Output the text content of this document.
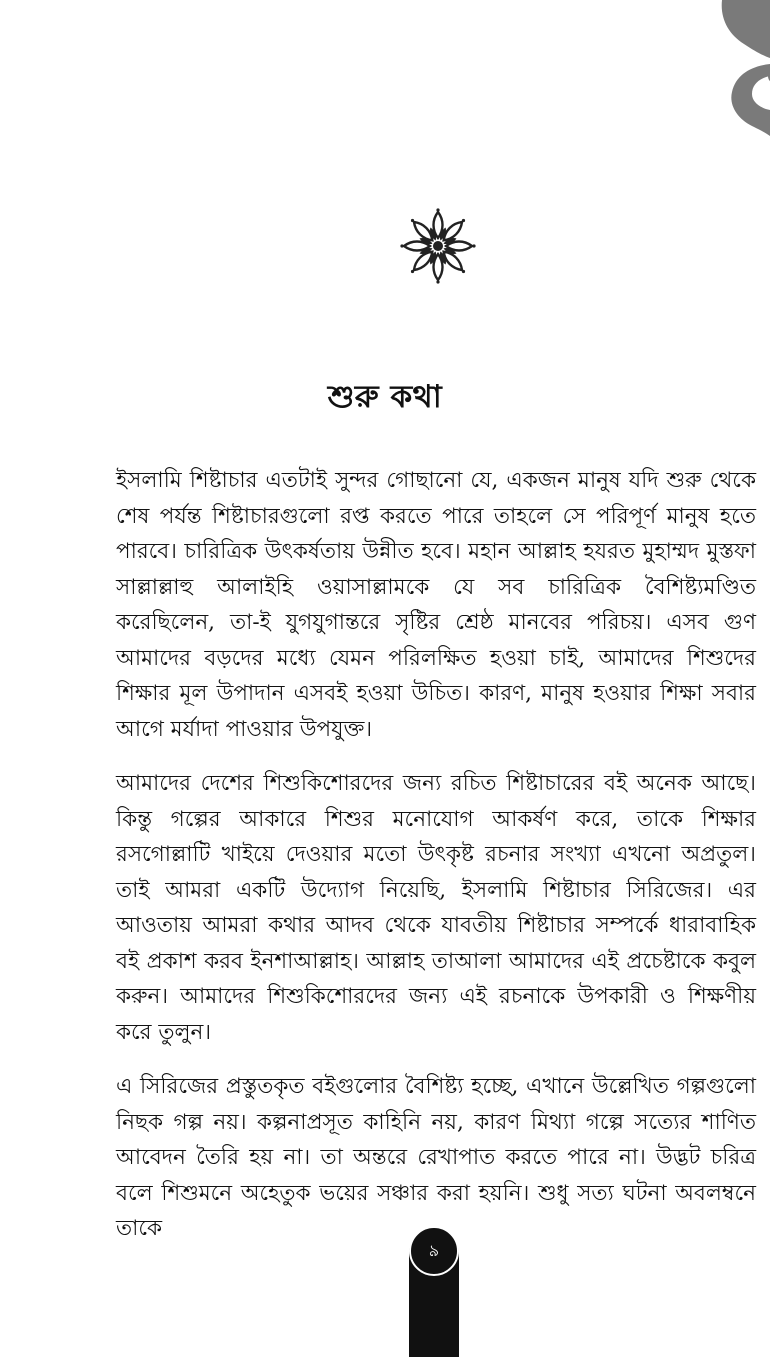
শুরু কথা

ইসলামি শিষ্টাচার এতটাই সুন্দর গোছানো যে, একজন মানুষ যদি শুরু থেকে শেষ পর্যন্ত শিষ্টাচারগুলো রপ্ত করতে পারে তাহলে সে পরিপূর্ণ মানুষ হতে পারবে। চারিত্রিক উৎকর্ষতায় উন্নীত হবে। মহান আল্লাহ হযরত মুহাম্মদ মুস্তফা সাল্লাল্লাহু আলাইহি ওয়াসাল্লামকে যে সব চারিত্রিক বৈশিষ্ট্যমণ্ডিত করেছিলেন, তা-ই যুগযুগান্তরে সৃষ্টির শ্রেষ্ঠ মানবের পরিচয়। এসব গুণ আমাদের বড়দের মধ্যে যেমন পরিলক্ষিত হওয়া চাই, আমাদের শিশুদের শিক্ষার মূল উপাদান এসবই হওয়া উচিত। কারণ, মানুষ হওয়ার শিক্ষা সবার আগে মর্যাদা পাওয়ার উপযুক্ত।

আমাদের দেশের শিশুকিশোরদের জন্য রচিত শিষ্টাচারের বই অনেক আছে। কিন্তু গল্পের আকারে শিশুর মনোযোগ আকর্ষণ করে, তাকে শিক্ষার রসগোল্লাটি খাইয়ে দেওয়ার মতো উৎকৃষ্ট রচনার সংখ্যা এখনো অপ্রতুল। তাই আমরা একটি উদ্যোগ নিয়েছি, ইসলামি শিষ্টাচার সিরিজের। এর আওতায় আমরা কথার আদব থেকে যাবতীয় শিষ্টাচার সম্পর্কে ধারাবাহিক বই প্রকাশ করব ইনশাআল্লাহ। আল্লাহ তাআলা আমাদের এই প্রচেষ্টাকে কবুল করুন। আমাদের শিশুকিশোরদের জন্য এই রচনাকে উপকারী ও শিক্ষণীয় করে তুলুন।

এ সিরিজের প্রস্তুতকৃত বইগুলোর বৈশিষ্ট্য হচ্ছে, এখানে উল্লেখিত গল্পগুলো নিছক গল্প নয়। কল্পনাপ্রসূত কাহিনি নয়, কারণ মিথ্যা গল্পে সত্যের শাণিত আবেদন তৈরি হয় না। তা অন্তরে রেখাপাত করতে পারে না। উদ্ভট চরিত্র বলে শিশুমনে অহেতুক ভয়ের সঞ্চার করা হয়নি। শুধু সত্য ঘটনা অবলম্বনে তাকে

৯
